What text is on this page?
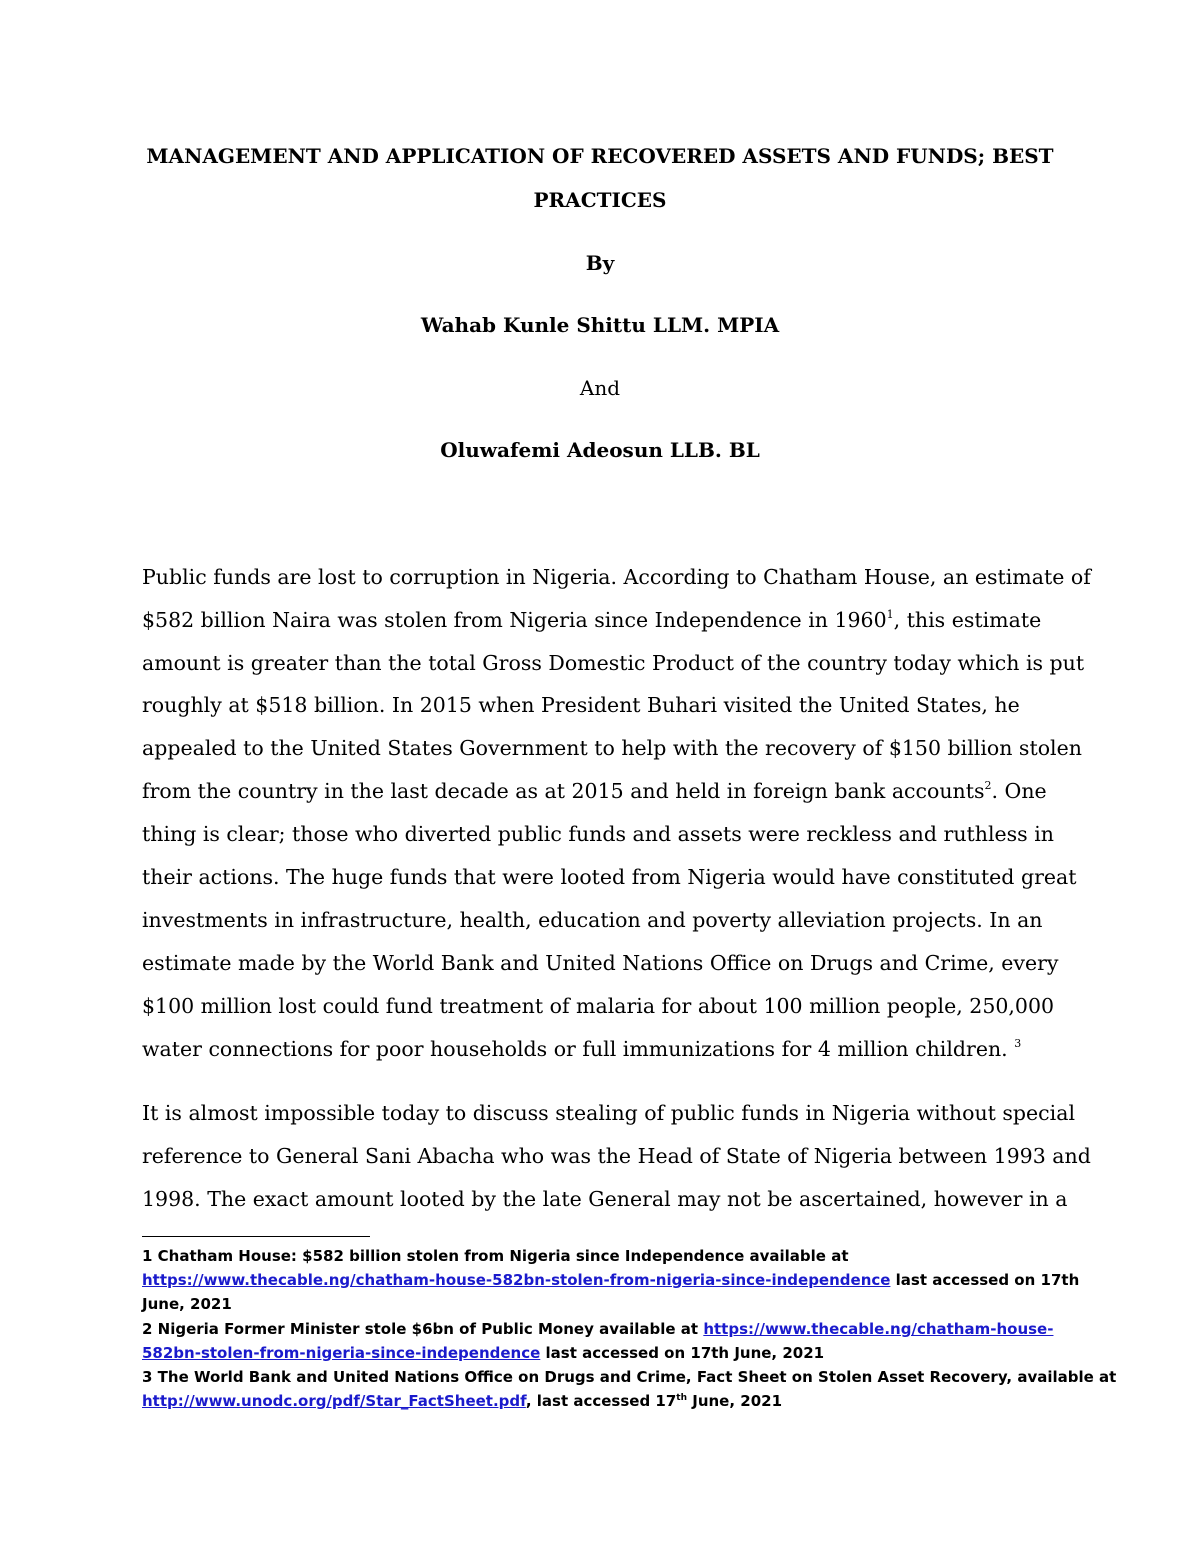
MANAGEMENT AND APPLICATION OF RECOVERED ASSETS AND FUNDS; BEST
PRACTICES
By
Wahab Kunle Shittu LLM. MPIA
And
Oluwafemi Adeosun LLB. BL
Public funds are lost to corruption in Nigeria. According to Chatham House, an estimate of
$582 billion Naira was stolen from Nigeria since Independence in 1960$^1$, this estimate
amount is greater than the total Gross Domestic Product of the country today which is put
roughly at $518 billion. In 2015 when President Buhari visited the United States, he
appealed to the United States Government to help with the recovery of $150 billion stolen
from the country in the last decade as at 2015 and held in foreign bank accounts$^2$. One
thing is clear; those who diverted public funds and assets were reckless and ruthless in
their actions. The huge funds that were looted from Nigeria would have constituted great
investments in infrastructure, health, education and poverty alleviation projects. In an
estimate made by the World Bank and United Nations Office on Drugs and Crime, every
$100 million lost could fund treatment of malaria for about 100 million people, 250,000
water connections for poor households or full immunizations for 4 million children. $^3$
It is almost impossible today to discuss stealing of public funds in Nigeria without special
reference to General Sani Abacha who was the Head of State of Nigeria between 1993 and
1998. The exact amount looted by the late General may not be ascertained, however in a
1 Chatham House: $582 billion stolen from Nigeria since Independence available at
https://www.thecable.ng/chatham-house-582bn-stolen-from-nigeria-since-independence last accessed on 17th
June, 2021
2 Nigeria Former Minister stole $6bn of Public Money available at https://www.thecable.ng/chatham-house-
582bn-stolen-from-nigeria-since-independence last accessed on 17th June, 2021
3 The World Bank and United Nations Office on Drugs and Crime, Fact Sheet on Stolen Asset Recovery, available at
http://www.unodc.org/pdf/Star_FactSheet.pdf, last accessed 17th June, 2021
